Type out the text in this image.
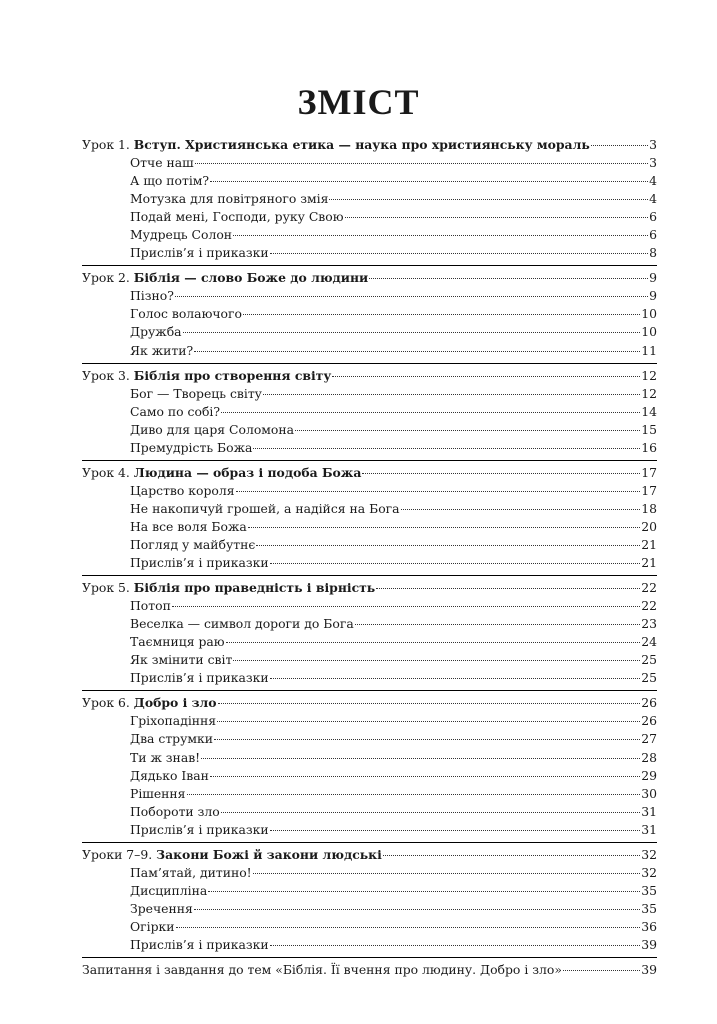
ЗМІСТ
Урок 1. Вступ. Християнська етика — наука про християнську мораль	3
Отче наш	3
А що потім?	4
Мотузка для повітряного змія	4
Подай мені, Господи, руку Свою	6
Мудрець Солон	6
Прислів’я і приказки	8
Урок 2. Біблія — слово Боже до людини	9
Пізно?	9
Голос волаючого	10
Дружба	10
Як жити?	11
Урок 3. Біблія про створення світу	12
Бог — Творець світу	12
Само по собі?	14
Диво для царя Соломона	15
Премудрість Божа	16
Урок 4. Людина — образ і подоба Божа	17
Царство короля	17
Не накопичуй грошей, а надійся на Бога	18
На все воля Божа	20
Погляд у майбутнє	21
Прислів’я і приказки	21
Урок 5. Біблія про праведність і вірність	22
Потоп	22
Веселка — символ дороги до Бога	23
Таємниця раю	24
Як змінити світ	25
Прислів’я і приказки	25
Урок 6. Добро і зло	26
Гріхопадіння	26
Два струмки	27
Ти ж знав!	28
Дядько Іван	29
Рішення	30
Побороти зло	31
Прислів’я і приказки	31
Уроки 7–9. Закони Божі й закони людські	32
Пам’ятай, дитино!	32
Дисципліна	35
Зречення	35
Огірки	36
Прислів’я і приказки	39
Запитання і завдання до тем «Біблія. Її вчення про людину. Добро і зло»	39
